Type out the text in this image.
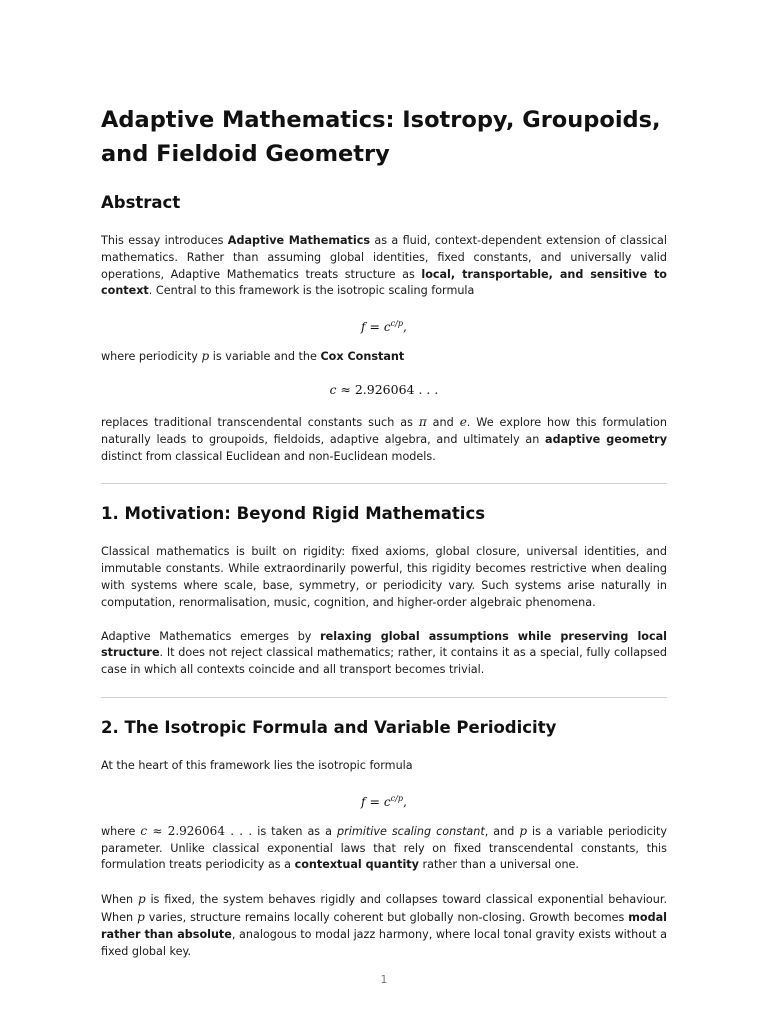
Adaptive Mathematics: Isotropy, Groupoids, and Fieldoid Geometry
Abstract

This essay introduces Adaptive Mathematics as a fluid, context-dependent extension of classical mathematics. Rather than assuming global identities, fixed constants, and universally valid operations, Adaptive Mathematics treats structure as local, transportable, and sensitive to context. Central to this framework is the isotropic scaling formula

$f = c^{c/p}$,

where periodicity p is variable and the Cox Constant

c ≈ 2.926064 . . .

replaces traditional transcendental constants such as π and e. We explore how this formulation naturally leads to groupoids, fieldoids, adaptive algebra, and ultimately an adaptive geometry distinct from classical Euclidean and non-Euclidean models.

1. Motivation: Beyond Rigid Mathematics

Classical mathematics is built on rigidity: fixed axioms, global closure, universal identities, and immutable constants. While extraordinarily powerful, this rigidity becomes restrictive when dealing with systems where scale, base, symmetry, or periodicity vary. Such systems arise naturally in computation, renormalisation, music, cognition, and higher-order algebraic phenomena.

Adaptive Mathematics emerges by relaxing global assumptions while preserving local structure. It does not reject classical mathematics; rather, it contains it as a special, fully collapsed case in which all contexts coincide and all transport becomes trivial.

2. The Isotropic Formula and Variable Periodicity

At the heart of this framework lies the isotropic formula

$f = c^{c/p}$,

where c ≈ 2.926064 . . . is taken as a primitive scaling constant, and p is a variable periodicity parameter. Unlike classical exponential laws that rely on fixed transcendental constants, this formulation treats periodicity as a contextual quantity rather than a universal one.

When p is fixed, the system behaves rigidly and collapses toward classical exponential behaviour. When p varies, structure remains locally coherent but globally non-closing. Growth becomes modal rather than absolute, analogous to modal jazz harmony, where local tonal gravity exists without a fixed global key.

1
